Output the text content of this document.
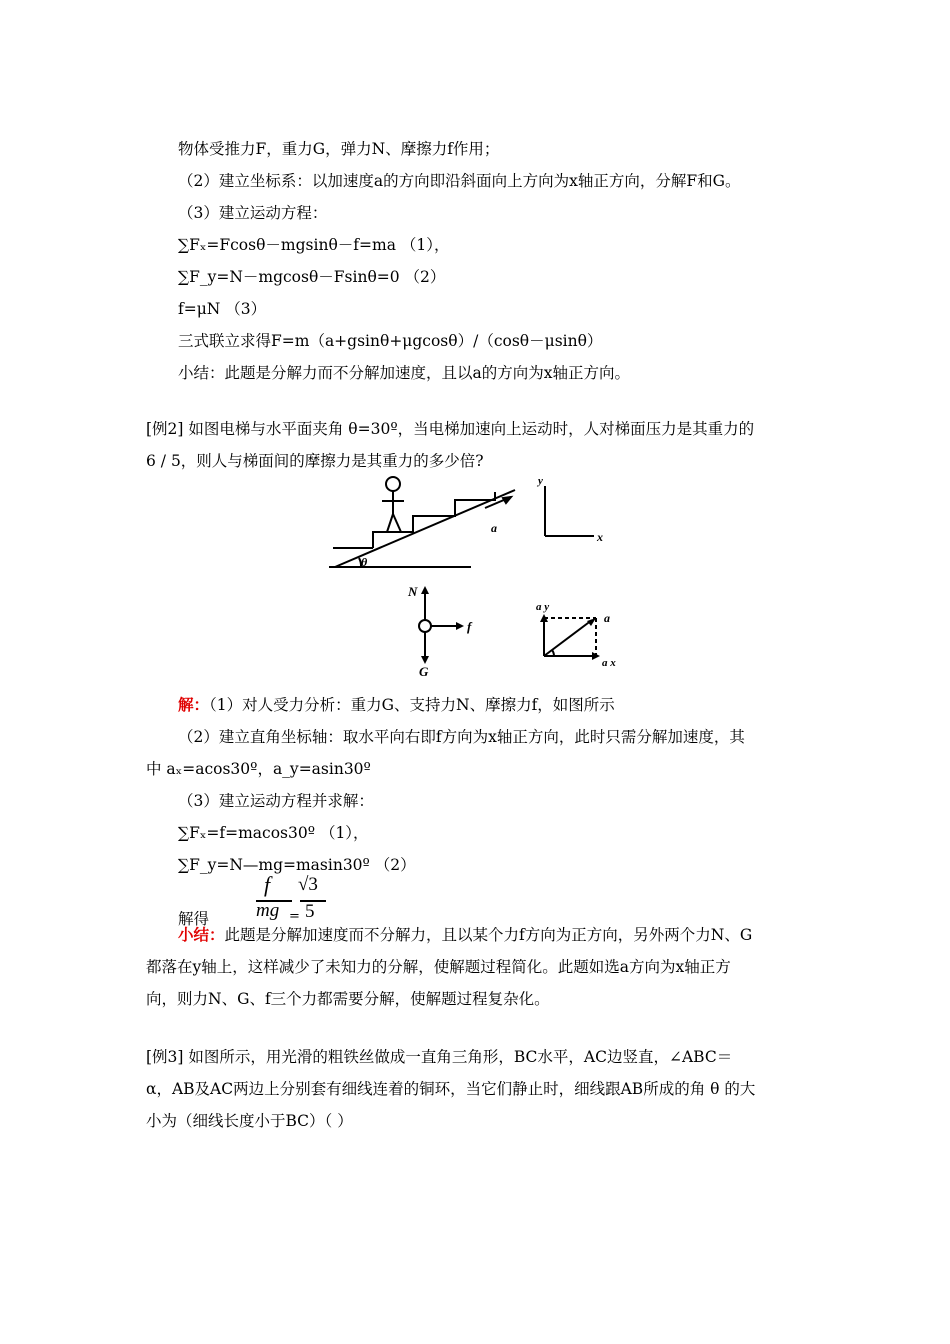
物体受推力F，重力G，弹力N、摩擦力f作用；
（2）建立坐标系：以加速度a的方向即沿斜面向上方向为x轴正方向，分解F和G。
（3）建立运动方程：
∑Fₓ=Fcosθ－mgsinθ－f=ma （1），
∑F_y=N－mgcosθ－Fsinθ=0 （2）
f=μN （3）
三式联立求得F=m（a+gsinθ+μgcosθ）/（cosθ－μsinθ）
小结：此题是分解力而不分解加速度，且以a的方向为x轴正方向。
[例2] 如图电梯与水平面夹角 θ=30º，当电梯加速向上运动时，人对梯面压力是其重力的
6 / 5，则人与梯面间的摩擦力是其重力的多少倍?
a
θ
y
x
N
f
G
a y
a
a x
解：（1）对人受力分析：重力G、支持力N、摩擦力f，如图所示
（2）建立直角坐标轴：取水平向右即f方向为x轴正方向，此时只需分解加速度，其
中 aₓ=acos30º，a_y=asin30º
（3）建立运动方程并求解：
∑Fₓ=f=macos30º （1），
∑F_y=N—mg=masin30º （2）
解得
f
mg =
√3
5
小结：此题是分解加速度而不分解力，且以某个力f方向为正方向，另外两个力N、G
都落在y轴上，这样减少了未知力的分解，使解题过程简化。此题如选a方向为x轴正方
向，则力N、G、f三个力都需要分解，使解题过程复杂化。
[例3] 如图所示，用光滑的粗铁丝做成一直角三角形，BC水平，AC边竖直，∠ABC＝
α，AB及AC两边上分别套有细线连着的铜环，当它们静止时，细线跟AB所成的角 θ 的大
小为（细线长度小于BC）（ ）
